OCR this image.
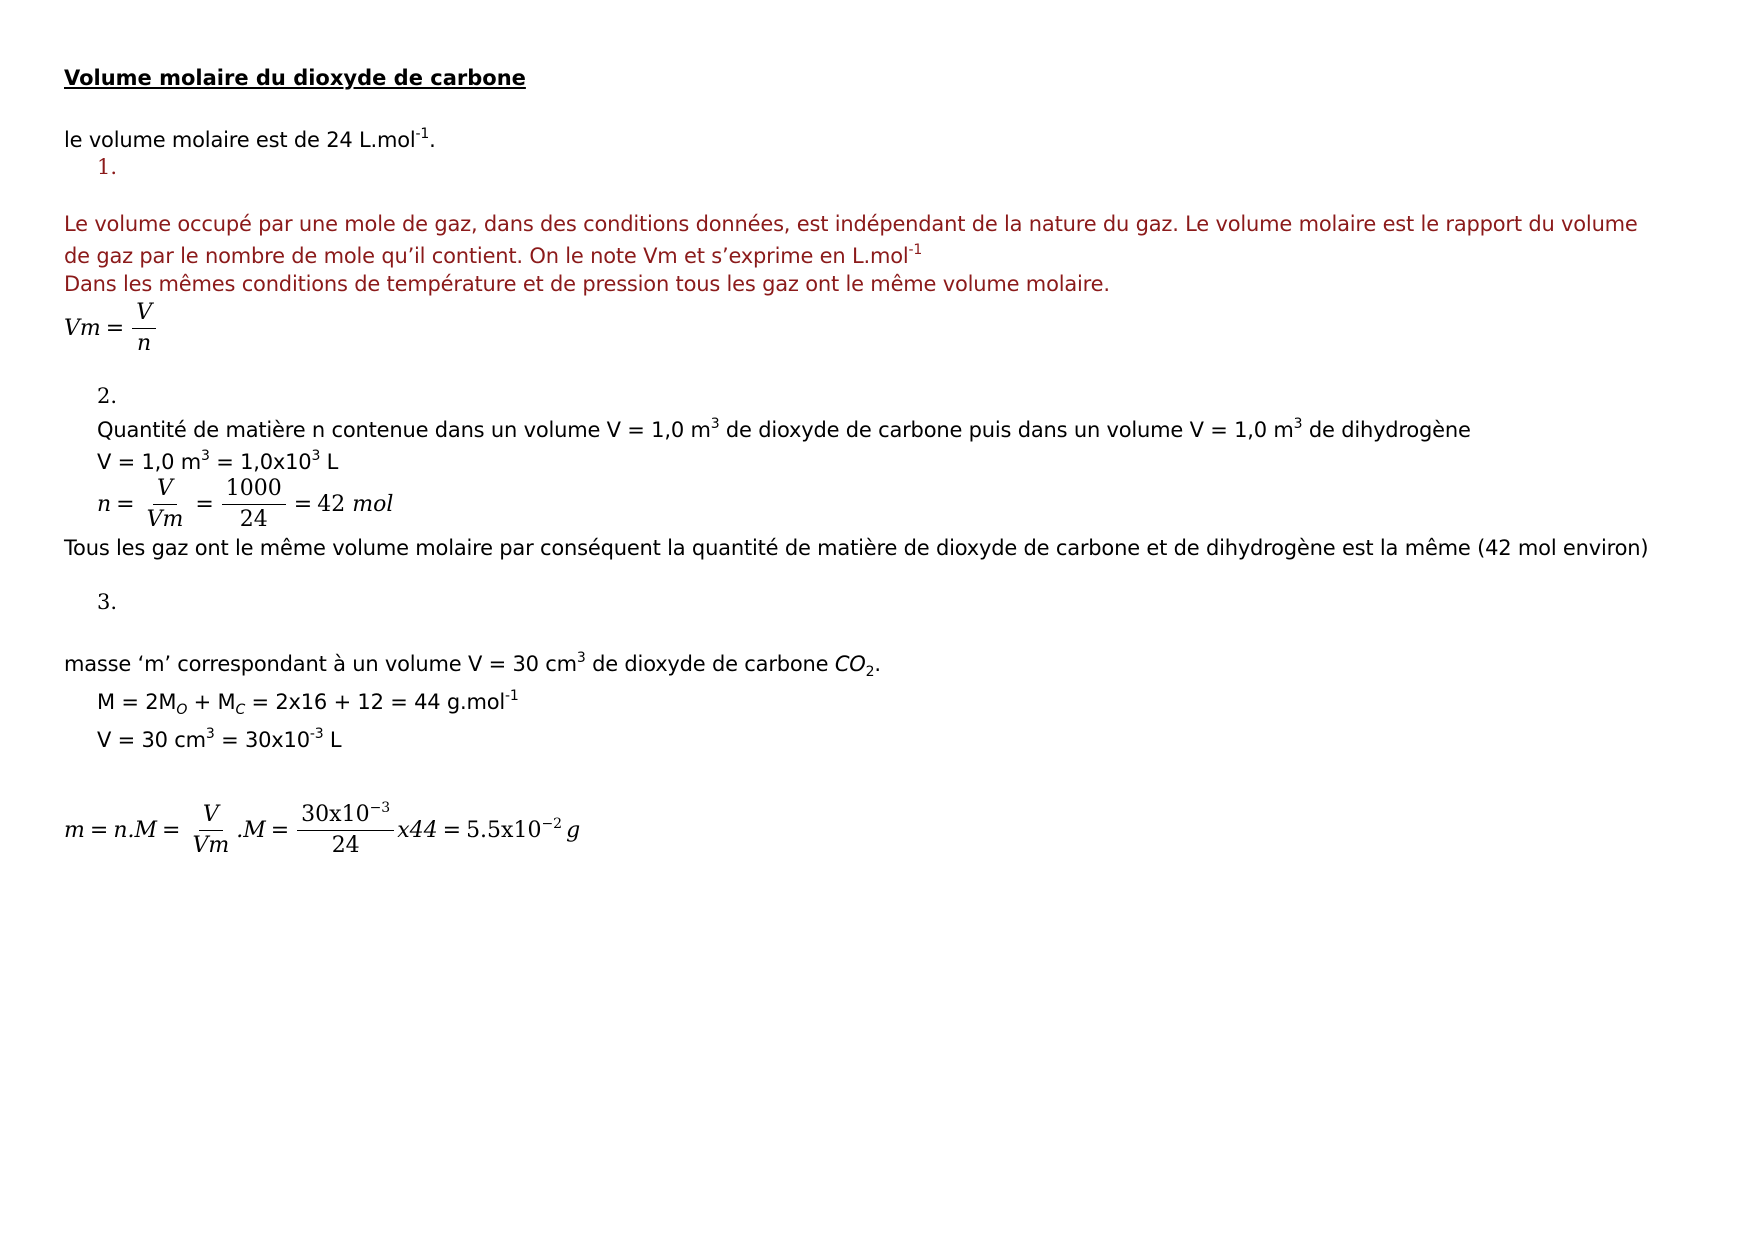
Volume molaire du dioxyde de carbone
le volume molaire est de 24 L.mol$^{-1}$.
1.
Le volume occupé par une mole de gaz, dans des conditions données, est indépendant de la nature du gaz. Le volume molaire est le rapport du volume
de gaz par le nombre de mole qu’il contient. On le note Vm et s’exprime en L.mol$^{-1}$
Dans les mêmes conditions de température et de pression tous les gaz ont le même volume molaire.
$Vm = \frac{V}{n}$
2.
Quantité de matière n contenue dans un volume V = 1,0 $m^3$ de dioxyde de carbone puis dans un volume V = 1,0 $m^3$ de dihydrogène
V = 1,0 $m^3 = 1,0x10^3$ L
$n = \frac{V}{Vm} = \frac{1000}{24} = 42$
mol
Tous les gaz ont le même volume molaire par conséquent la quantité de matière de dioxyde de carbone et de dihydrogène est la même (42 mol environ)
3.
masse ‘m’ correspondant à un volume V = 30 $cm^3$ de dioxyde de carbone $CO_2$.
$M = 2M_O + M_C = 2x16 + 12 = 44$ g.mol$^{-1}$
V = 30 $cm^3 = 30x10^{-3}$ L
$m = n.M = \frac{V}{Vm} .M = \frac{30x10^{-3}}{24} x44 = 5.5x10^{-2}$ g
